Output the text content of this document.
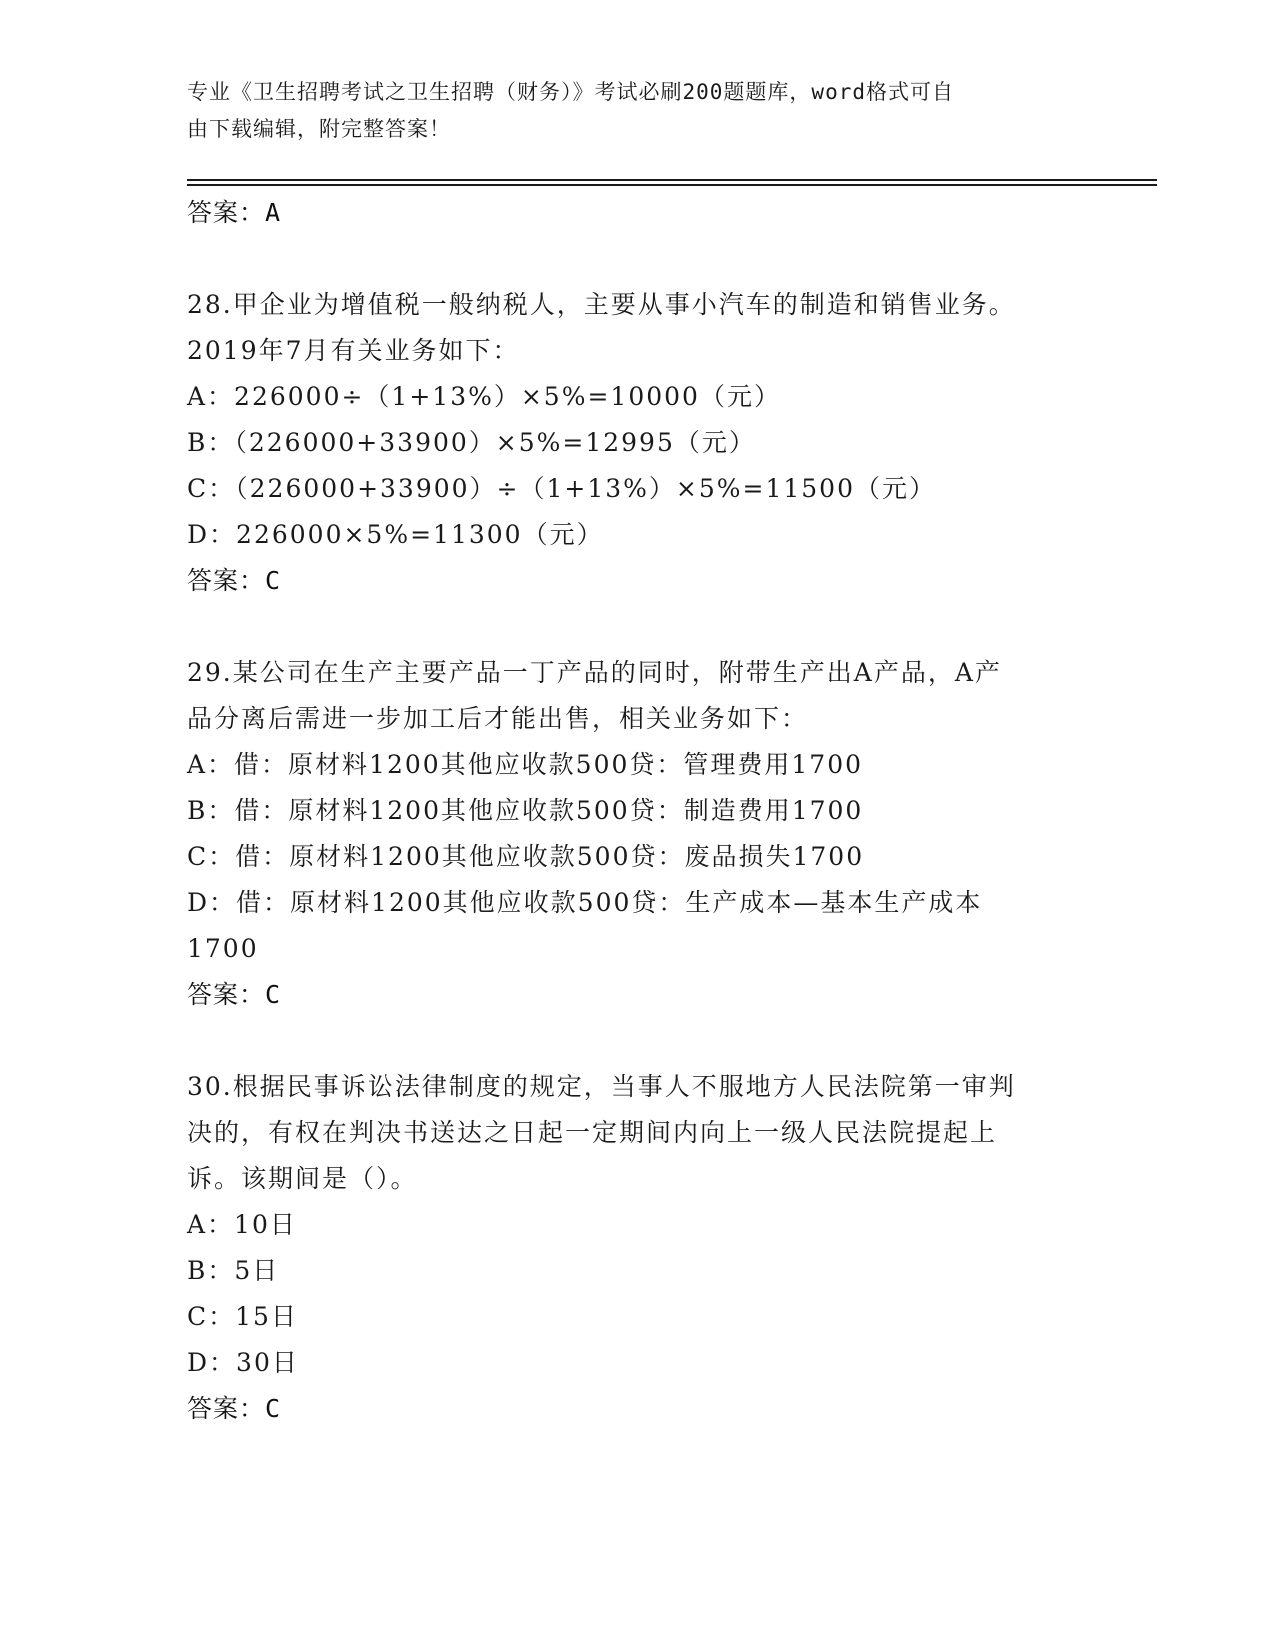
专业《卫生招聘考试之卫生招聘（财务）》考试必刷200题题库，word格式可自
由下载编辑，附完整答案！
答案：A
28.甲企业为增值税一般纳税人，主要从事小汽车的制造和销售业务。
2019年7月有关业务如下：
A：226000÷（1+13%）×5%=10000（元）
B：（226000+33900）×5%=12995（元）
C：（226000+33900）÷（1+13%）×5%=11500（元）
D：226000×5%=11300（元）
答案：C
29.某公司在生产主要产品一丁产品的同时，附带生产出A产品，A产
品分离后需进一步加工后才能出售，相关业务如下：
A：借：原材料1200其他应收款500贷：管理费用1700
B：借：原材料1200其他应收款500贷：制造费用1700
C：借：原材料1200其他应收款500贷：废品损失1700
D：借：原材料1200其他应收款500贷：生产成本—基本生产成本
1700
答案：C
30.根据民事诉讼法律制度的规定，当事人不服地方人民法院第一审判
决的，有权在判决书送达之日起一定期间内向上一级人民法院提起上
诉。该期间是（）。
A：10日
B：5日
C：15日
D：30日
答案：C
